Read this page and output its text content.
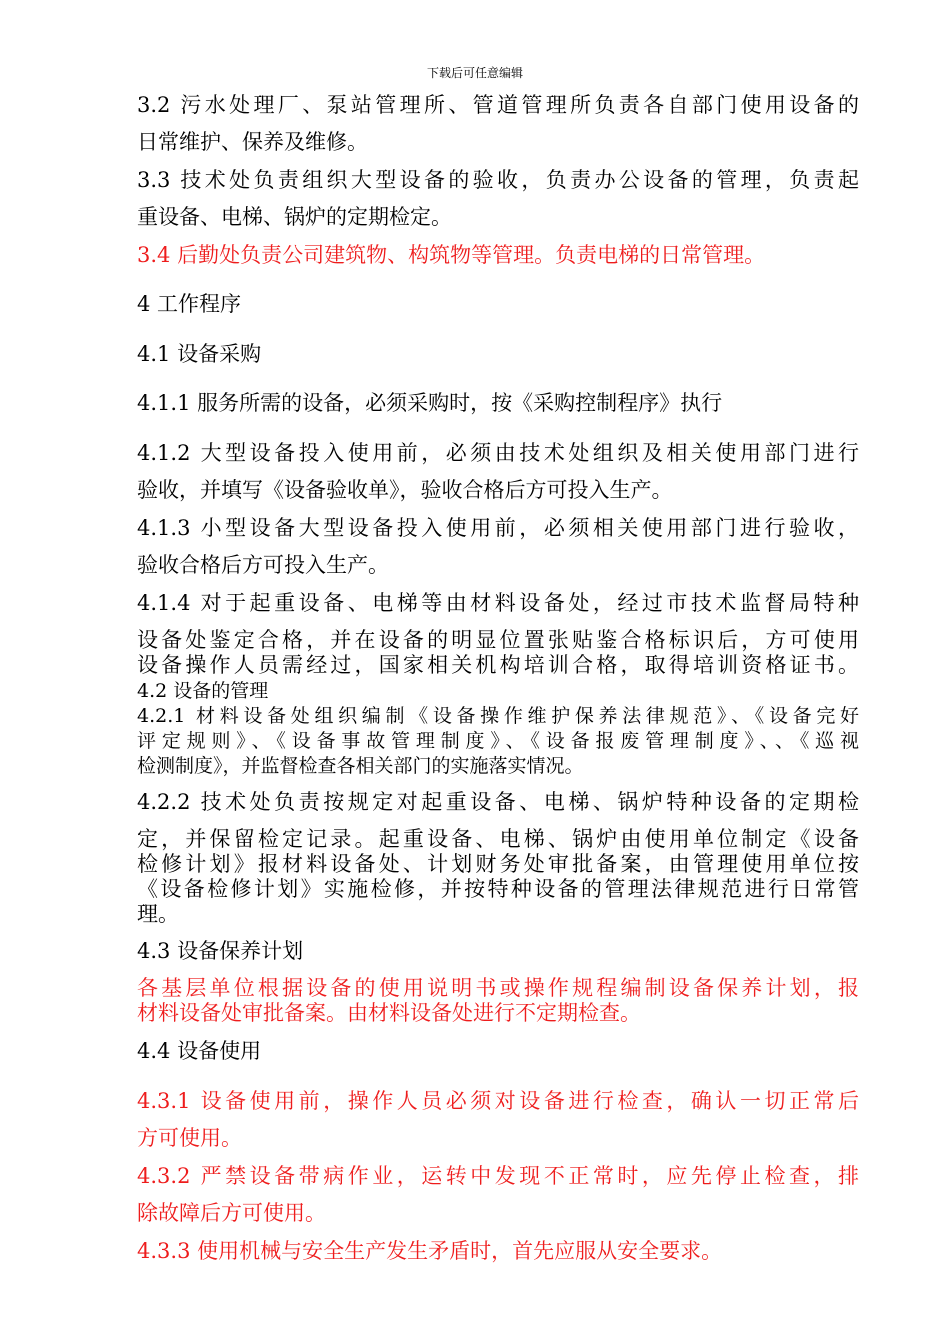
下载后可任意编辑
3.2 污水处理厂、泵站管理所、管道管理所负责各自部门使用设备的
日常维护、保养及维修。
3.3 技术处负责组织大型设备的验收，负责办公设备的管理，负责起
重设备、电梯、锅炉的定期检定。
3.4 后勤处负责公司建筑物、构筑物等管理。负责电梯的日常管理。
4 工作程序
4.1 设备采购
4.1.1 服务所需的设备，必须采购时，按《采购控制程序》执行
4.1.2 大型设备投入使用前，必须由技术处组织及相关使用部门进行
验收，并填写《设备验收单》，验收合格后方可投入生产。
4.1.3 小型设备大型设备投入使用前，必须相关使用部门进行验收，
验收合格后方可投入生产。
4.1.4 对于起重设备、电梯等由材料设备处，经过市技术监督局特种
设备处鉴定合格，并在设备的明显位置张贴鉴合格标识后，方可使用
设备操作人员需经过，国家相关机构培训合格，取得培训资格证书。
4.2 设备的管理
4.2.1 材料设备处组织编制《设备操作维护保养法律规范》、《设备完好
评定规则》、《设备事故管理制度》、《设备报废管理制度》、、《巡视
检测制度》，并监督检查各相关部门的实施落实情况。
4.2.2 技术处负责按规定对起重设备、电梯、锅炉特种设备的定期检
定，并保留检定记录。起重设备、电梯、锅炉由使用单位制定《设备
检修计划》报材料设备处、计划财务处审批备案，由管理使用单位按
《设备检修计划》实施检修，并按特种设备的管理法律规范进行日常管
理。
4.3 设备保养计划
各基层单位根据设备的使用说明书或操作规程编制设备保养计划，报
材料设备处审批备案。由材料设备处进行不定期检查。
4.4 设备使用
4.3.1 设备使用前，操作人员必须对设备进行检查，确认一切正常后
方可使用。
4.3.2 严禁设备带病作业，运转中发现不正常时，应先停止检查，排
除故障后方可使用。
4.3.3 使用机械与安全生产发生矛盾时，首先应服从安全要求。
